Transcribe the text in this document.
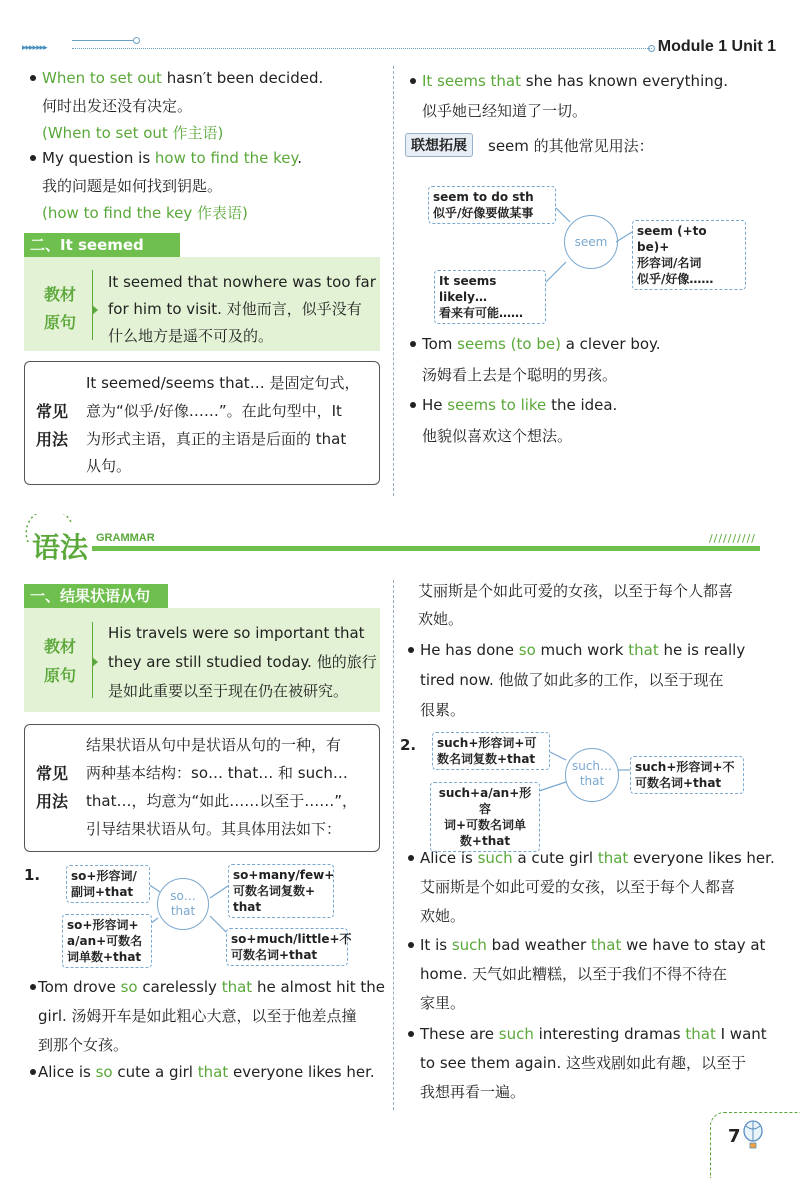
▸▸▸▸▸▸▸	Module 1 Unit 1
When to set out hasn′t been decided.
何时出发还没有决定。
(When to set out 作主语)
My question is how to find the key.
我的问题是如何找到钥匙。
(how to find the key 作表语)
二、It seemed
教材
原句
It seemed that nowhere was too far
for him to visit. 对他而言，似乎没有
什么地方是遥不可及的。
常见
用法
It seemed/seems that… 是固定句式，
意为“似乎/好像……”。在此句型中，It
为形式主语，真正的主语是后面的 that
从句。
It seems that she has known everything.
似乎她已经知道了一切。
联想拓展	seem 的其他常见用法：
seem to do sth
似乎/好像要做某事
It seems likely…
看来有可能……
seem (+to be)+
形容词/名词
似乎/好像……
seem
Tom seems (to be) a clever boy.
汤姆看上去是个聪明的男孩。
He seems to like the idea.
他貌似喜欢这个想法。
语法 GRAMMAR	//////////
一、结果状语从句
教材
原句
His travels were so important that
they are still studied today. 他的旅行
是如此重要以至于现在仍在被研究。
常见
用法
结果状语从句中是状语从句的一种，有
两种基本结构：so… that… 和 such…
that…，均意为“如此……以至于……”，
引导结果状语从句。其具体用法如下：
1.	so+形容词/
副词+that
so+形容词+
a/an+可数名
词单数+that
so+many/few+
可数名词复数+
that
so+much/little+不
可数名词+that
so…
that
Tom drove so carelessly that he almost hit the
girl. 汤姆开车是如此粗心大意，以至于他差点撞
到那个女孩。
Alice is so cute a girl that everyone likes her.
艾丽斯是个如此可爱的女孩，以至于每个人都喜
欢她。
He has done so much work that he is really
tired now. 他做了如此多的工作，以至于现在
很累。
2. such+形容词+可
数名词复数+that
such+a/an+形容
词+可数名词单
数+that
such+形容词+不
可数名词+that
such…
that
Alice is such a cute girl that everyone likes her.
艾丽斯是个如此可爱的女孩，以至于每个人都喜
欢她。
It is such bad weather that we have to stay at
home. 天气如此糟糕，以至于我们不得不待在
家里。
These are such interesting dramas that I want
to see them again. 这些戏剧如此有趣，以至于
我想再看一遍。
7
